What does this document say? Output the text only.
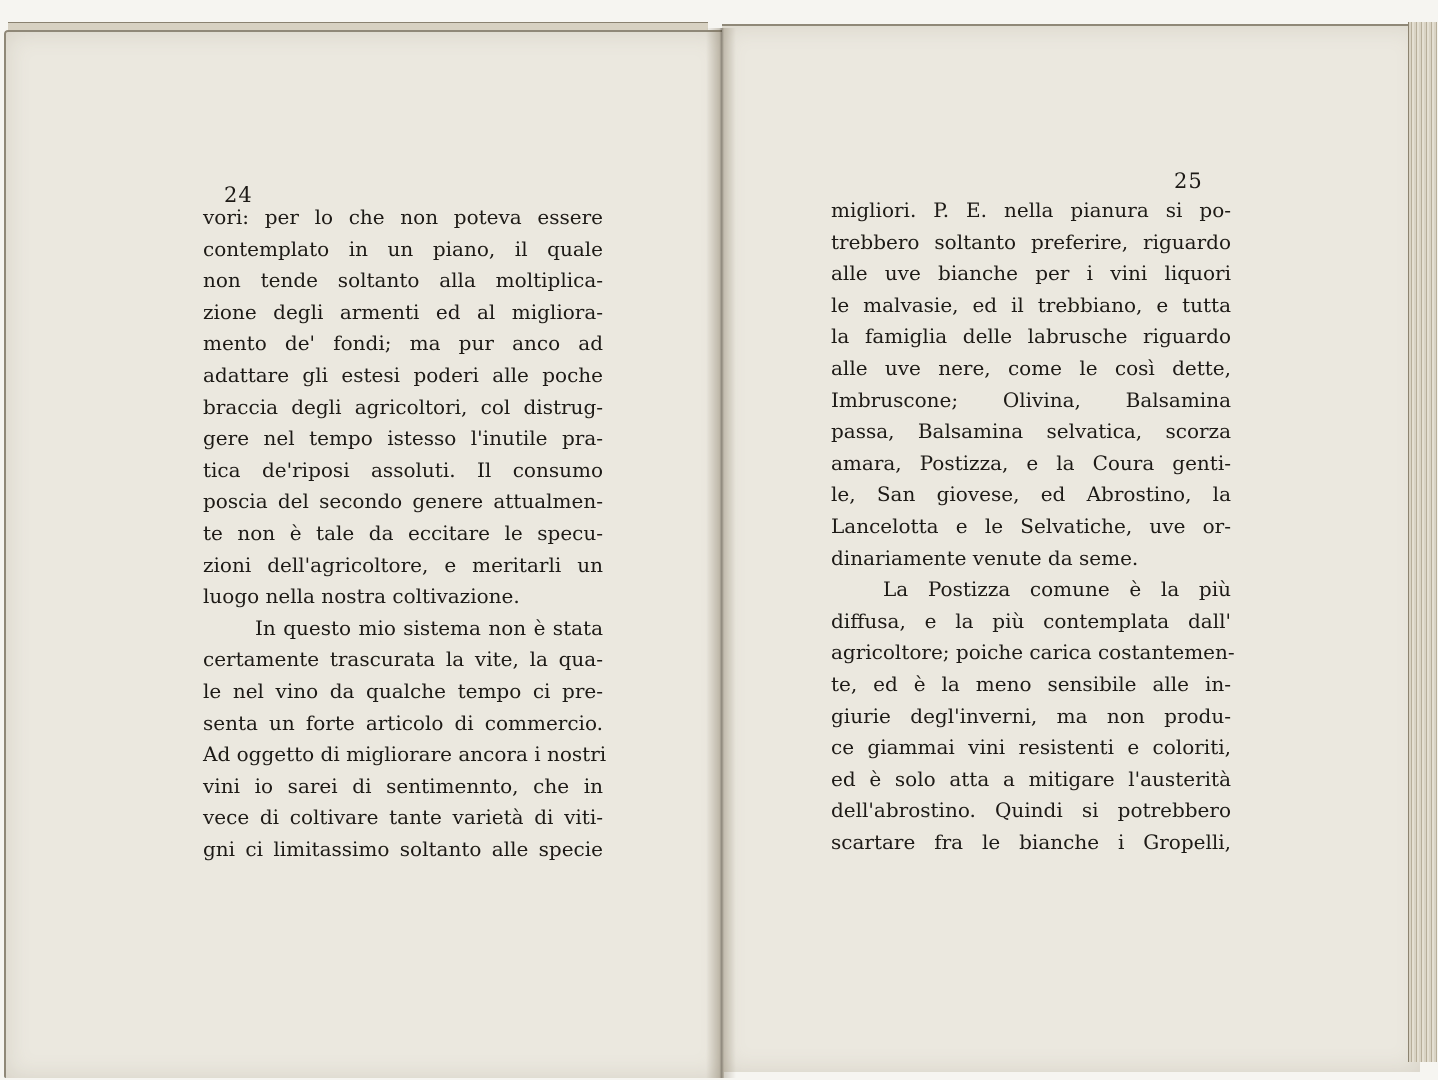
24
25
vori: per lo che non poteva essere
contemplato in un piano, il quale
non tende soltanto alla moltiplica-
zione degli armenti ed al migliora-
mento de' fondi; ma pur anco ad
adattare gli estesi poderi alle poche
braccia degli agricoltori, col distrug-
gere nel tempo istesso l'inutile pra-
tica de'riposi assoluti. Il consumo
poscia del secondo genere attualmen-
te non è tale da eccitare le specu-
zioni dell'agricoltore, e meritarli un
luogo nella nostra coltivazione.
In questo mio sistema non è stata
certamente trascurata la vite, la qua-
le nel vino da qualche tempo ci pre-
senta un forte articolo di commercio.
Ad oggetto di migliorare ancora i nostri
vini io sarei di sentimennto, che in
vece di coltivare tante varietà di viti-
gni ci limitassimo soltanto alle specie
migliori. P. E. nella pianura si po-
trebbero soltanto preferire, riguardo
alle uve bianche per i vini liquori
le malvasie, ed il trebbiano, e tutta
la famiglia delle labrusche riguardo
alle uve nere, come le così dette,
Imbruscone; Olivina, Balsamina
passa, Balsamina selvatica, scorza
amara, Postizza, e la Coura genti-
le, San giovese, ed Abrostino, la
Lancelotta e le Selvatiche, uve or-
dinariamente venute da seme.
La Postizza comune è la più
diffusa, e la più contemplata dall'
agricoltore; poiche carica costantemen-
te, ed è la meno sensibile alle in-
giurie degl'inverni, ma non produ-
ce giammai vini resistenti e coloriti,
ed è solo atta a mitigare l'austerità
dell'abrostino. Quindi si potrebbero
scartare fra le bianche i Gropelli,
